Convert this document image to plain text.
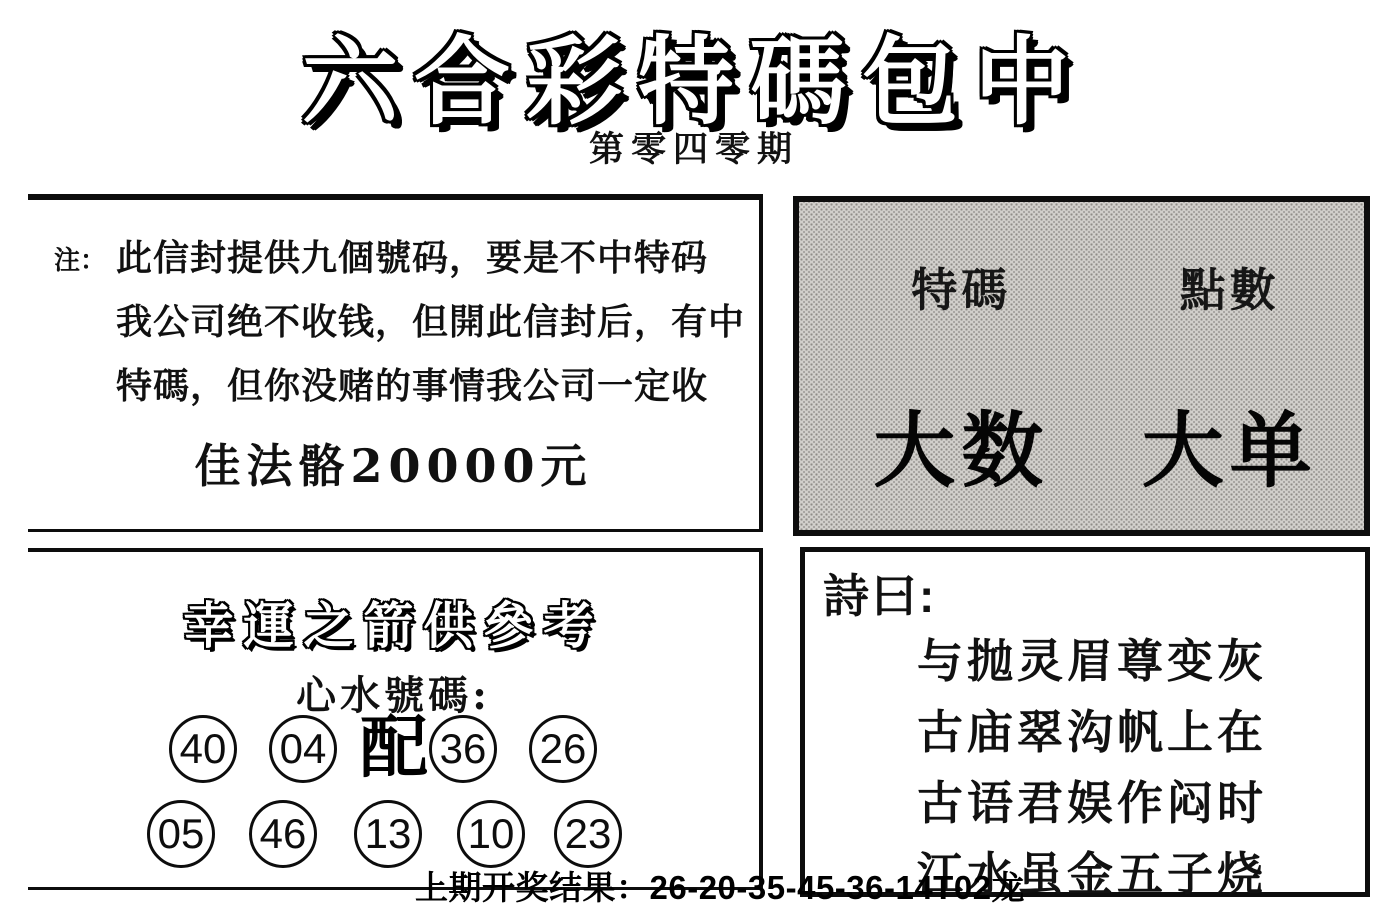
六合彩特碼包中
第零四零期
注： 此信封提供九個號码，要是不中特码
我公司绝不收钱，但開此信封后，有中
特碼，但你没赌的事情我公司一定收
佳法骼20000元
特碼
大数
點數
大单
幸運之箭供參考
心水號碼:
40 04 配 36 26
05 46 13 10 23
詩曰:
与抛灵眉尊变灰
古庙翠沟帆上在
古语君娱作闷时
江水虽金五子烧
上期开奖结果：26-20-35-45-36-14T02龙
